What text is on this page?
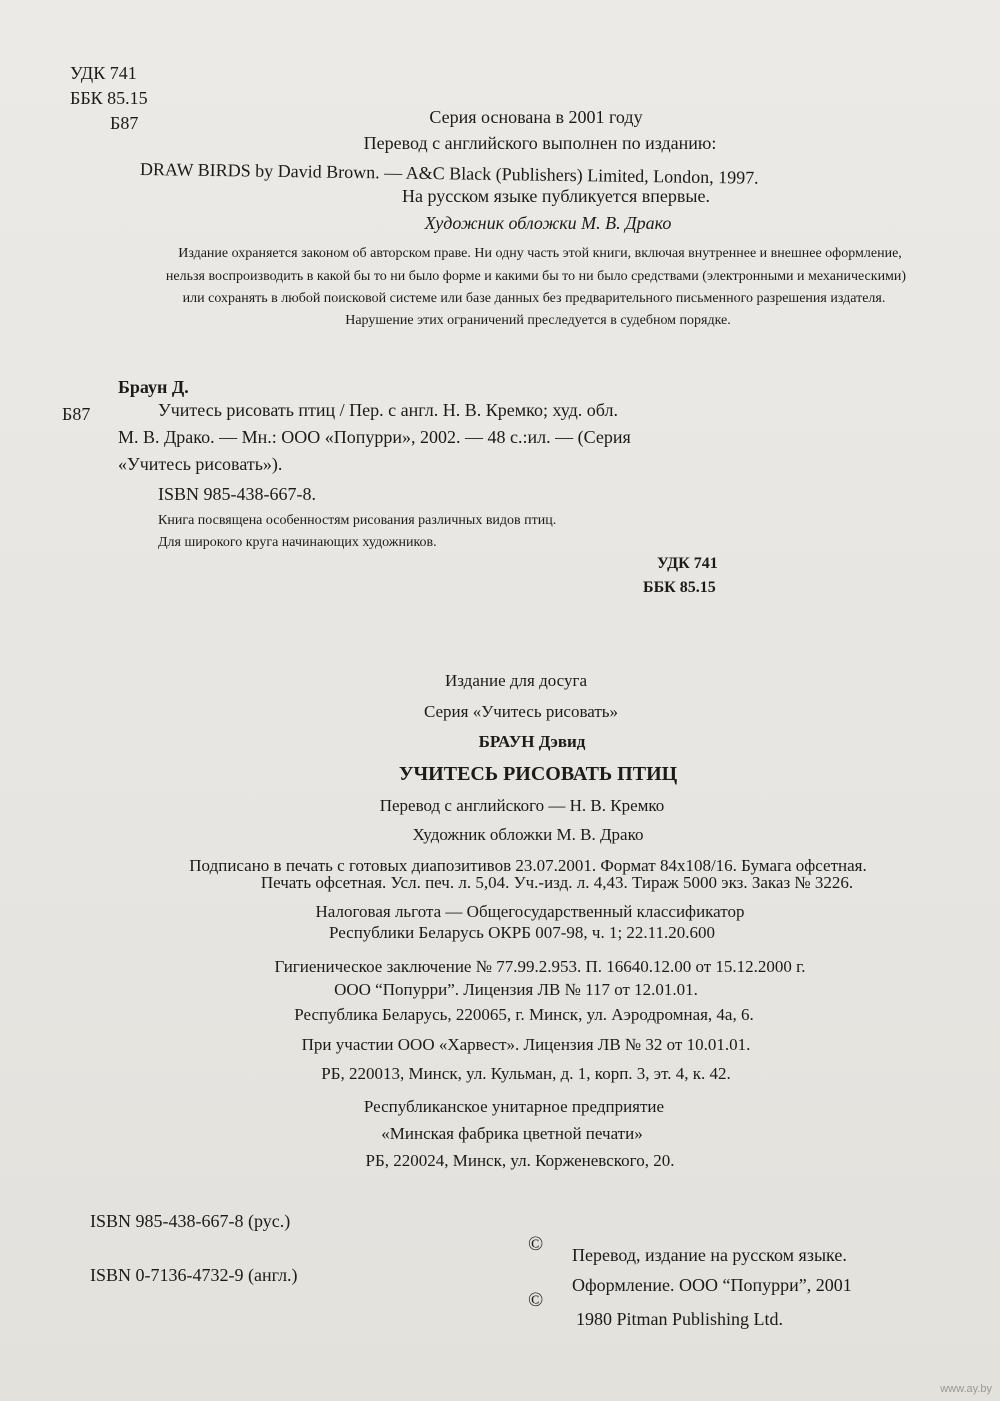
⁣
УДК 741
ББК 85.15
Б87	Серия основана в 2001 году
Перевод с английского выполнен по изданию:
DRAW BIRDS by David Brown. — A&C Black (Publishers) Limited, London, 1997.
На русском языке публикуется впервые.
Художник обложки М. В. Драко
Издание охраняется законом об авторском праве. Ни одну часть этой книги, включая внутреннее и внешнее оформление,
нельзя воспроизводить в какой бы то ни было форме и какими бы то ни было средствами (электронными и механическими)
или сохранять в любой поисковой системе или базе данных без предварительного письменного разрешения издателя.
Нарушение этих ограничений преследуется в судебном порядке.
Браун Д.
Б87	Учитесь рисовать птиц / Пер. с англ. Н. В. Кремко; худ. обл.
М. В. Драко. — Мн.: ООО «Попурри», 2002. — 48 с.:ил. — (Серия
«Учитесь рисовать»).
ISBN 985-438-667-8.
Книга посвящена особенностям рисования различных видов птиц.
Для широкого круга начинающих художников.
УДК 741
ББК 85.15
Издание для досуга
Серия «Учитесь рисовать»
БРАУН Дэвид
УЧИТЕСЬ РИСОВАТЬ ПТИЦ
Перевод с английского — Н. В. Кремко
Художник обложки М. В. Драко
Подписано в печать с готовых диапозитивов 23.07.2001. Формат 84x108/16. Бумага офсетная.
Печать офсетная. Усл. печ. л. 5,04. Уч.-изд. л. 4,43. Тираж 5000 экз. Заказ № 3226.
Налоговая льгота — Общегосударственный классификатор
Республики Беларусь ОКРБ 007-98, ч. 1; 22.11.20.600
Гигиеническое заключение № 77.99.2.953. П. 16640.12.00 от 15.12.2000 г.
ООО “Попурри”. Лицензия ЛВ № 117 от 12.01.01.
Республика Беларусь, 220065, г. Минск, ул. Аэродромная, 4а, 6.
При участии ООО «Харвест». Лицензия ЛВ № 32 от 10.01.01.
РБ, 220013, Минск, ул. Кульман, д. 1, корп. 3, эт. 4, к. 42.
Республиканское унитарное предприятие
«Минская фабрика цветной печати»
РБ, 220024, Минск, ул. Корженевского, 20.
ISBN 985-438-667-8 (рус.)
ISBN 0-7136-4732-9 (англ.)
© Перевод, издание на русском языке.
Оформление. ООО “Попурри”, 2001
©
1980 Pitman Publishing Ltd.
www.ay.by
